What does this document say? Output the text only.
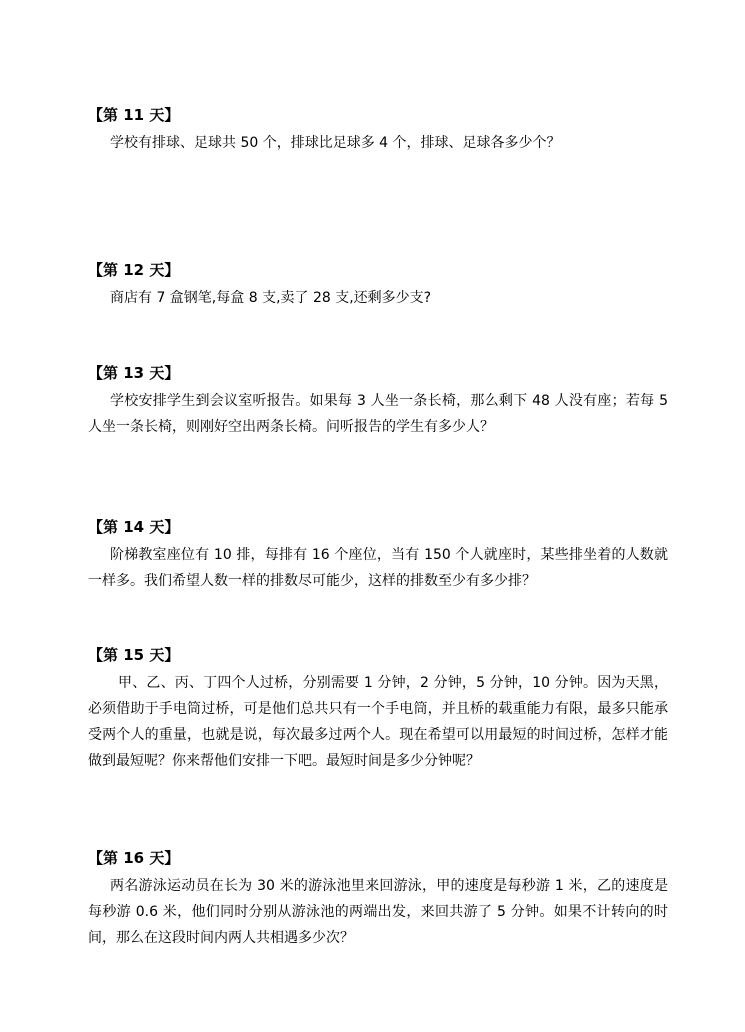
【第 11 天】
学校有排球、足球共 50 个，排球比足球多 4 个，排球、足球各多少个？
【第 12 天】
商店有 7 盒钢笔,每盒 8 支,卖了 28 支,还剩多少支?
【第 13 天】
学校安排学生到会议室听报告。如果每 3 人坐一条长椅，那么剩下 48 人没有座；若每 5 人坐一条长椅，则刚好空出两条长椅。问听报告的学生有多少人？
【第 14 天】
阶梯教室座位有 10 排，每排有 16 个座位，当有 150 个人就座时，某些排坐着的人数就一样多。我们希望人数一样的排数尽可能少，这样的排数至少有多少排？
【第 15 天】
甲、乙、丙、丁四个人过桥，分别需要 1 分钟，2 分钟，5 分钟，10 分钟。因为天黑，必须借助于手电筒过桥，可是他们总共只有一个手电筒，并且桥的载重能力有限，最多只能承受两个人的重量，也就是说，每次最多过两个人。现在希望可以用最短的时间过桥，怎样才能做到最短呢？你来帮他们安排一下吧。最短时间是多少分钟呢？
【第 16 天】
两名游泳运动员在长为 30 米的游泳池里来回游泳，甲的速度是每秒游 1 米，乙的速度是每秒游 0.6 米，他们同时分别从游泳池的两端出发，来回共游了 5 分钟。如果不计转向的时间，那么在这段时间内两人共相遇多少次？
